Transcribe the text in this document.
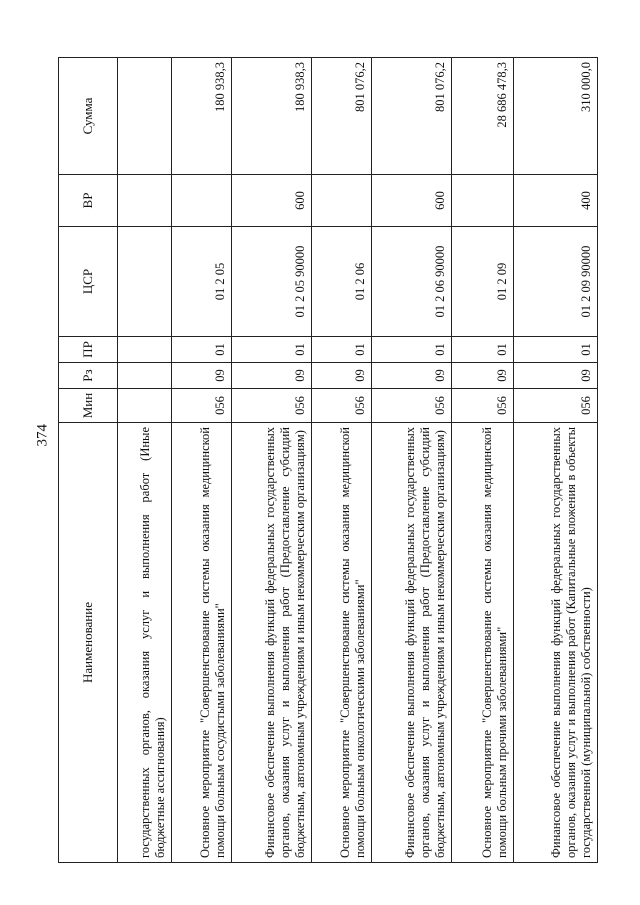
374
Наименование	Мин	Рз	ПР	ЦСР	ВР	Сумма
государственных органов, оказания услуг и выполнения работ (Иные бюджетные ассигнования)						
Основное мероприятие "Совершенствование системы оказания медицинской помощи больным сосудистыми заболеваниями"	056	09	01	01 2 05		180 938,3
Финансовое обеспечение выполнения функций федеральных государственных органов, оказания услуг и выполнения работ (Предоставление субсидий бюджетным, автономным учреждениям и иным некоммерческим организациям)	056	09	01	01 2 05 90000	600	180 938,3
Основное мероприятие "Совершенствование системы оказания медицинской помощи больным онкологическими заболеваниями"	056	09	01	01 2 06		801 076,2
Финансовое обеспечение выполнения функций федеральных государственных органов, оказания услуг и выполнения работ (Предоставление субсидий бюджетным, автономным учреждениям и иным некоммерческим организациям)	056	09	01	01 2 06 90000	600	801 076,2
Основное мероприятие "Совершенствование системы оказания медицинской помощи больным прочими заболеваниями"	056	09	01	01 2 09		28 686 478,3
Финансовое обеспечение выполнения функций федеральных государственных органов, оказания услуг и выполнения работ (Капитальные вложения в объекты государственной (муниципальной) собственности)	056	09	01	01 2 09 90000	400	310 000,0
